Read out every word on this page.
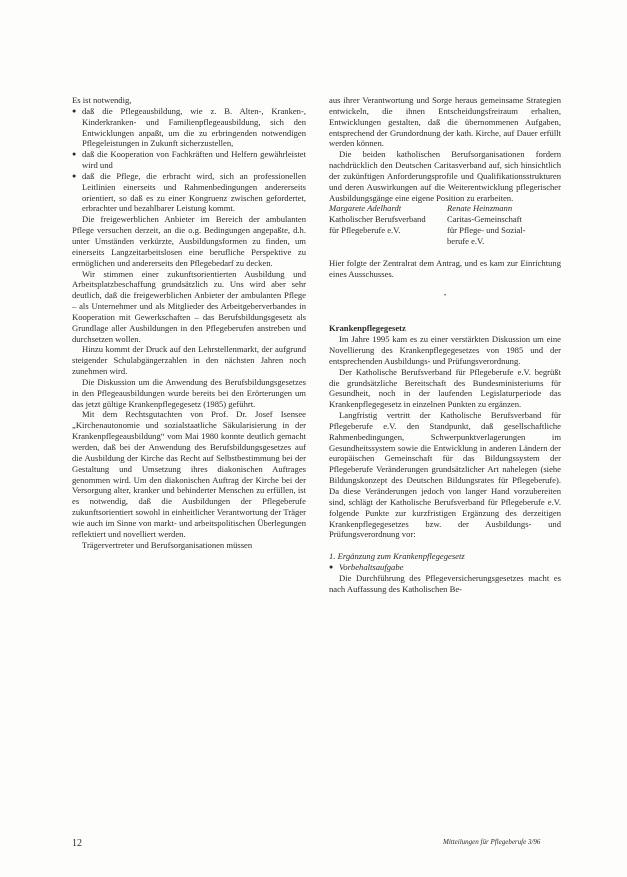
Es ist notwendig,

● daß die Pflegeausbildung, wie z. B. Alten-, Kranken-, Kinderkranken- und Familienpflegeausbildung, sich den Entwicklungen anpaßt, um die zu erbringenden notwendigen Pflegeleistungen in Zukunft sicherzustellen,

● daß die Kooperation von Fachkräften und Helfern gewährleistet wird und

● daß die Pflege, die erbracht wird, sich an professionellen Leitlinien einerseits und Rahmenbedingungen andererseits orientiert, so daß es zu einer Kongruenz zwischen gefordertet, erbrachter und bezahlbarer Leistung kommt.

Die freigewerblichen Anbieter im Bereich der ambulanten Pflege versuchen derzeit, an die o.g. Bedingungen angepaßte, d.h. unter Umständen verkürzte, Ausbildungsformen zu finden, um einerseits Langzeitarbeitslosen eine berufliche Perspektive zu ermöglichen und andererseits den Pflegebedarf zu decken.

Wir stimmen einer zukunftsorientierten Ausbildung und Arbeitsplatzbeschaffung grundsätzlich zu. Uns wird aber sehr deutlich, daß die freigewerblichen Anbieter der ambulanten Pflege – als Unternehmer und als Mitglieder des Arbeitgeberverbandes in Kooperation mit Gewerkschaften – das Berufsbildungsgesetz als Grundlage aller Ausbildungen in den Pflegeberufen anstreben und durchsetzen wollen.

Hinzu kommt der Druck auf den Lehrstellenmarkt, der aufgrund steigender Schulabgängerzahlen in den nächsten Jahren noch zunehmen wird.

Die Diskussion um die Anwendung des Berufsbildungsgesetzes in den Pflegeausbildungen wurde bereits bei den Erörterungen um das jetzt gültige Krankenpflegegesetz (1985) geführt.

Mit dem Rechtsgutachten von Prof. Dr. Josef Isensee „Kirchenautonomie und sozialstaatliche Säkularisierung in der Krankenpflegeausbildung“ vom Mai 1980 konnte deutlich gemacht werden, daß bei der Anwendung des Berufsbildungsgesetzes auf die Ausbildung der Kirche das Recht auf Selbstbestimmung bei der Gestaltung und Umsetzung ihres diakonischen Auftrages genommen wird. Um den diakonischen Auftrag der Kirche bei der Versorgung alter, kranker und behinderter Menschen zu erfüllen, ist es notwendig, daß die Ausbildungen der Pflegeberufe zukunftsorientiert sowohl in einheitlicher Verantwortung der Träger wie auch im Sinne von markt- und arbeitspolitischen Überlegungen reflektiert und novelliert werden.

Trägervertreter und Berufsorganisationen müssen

aus ihrer Verantwortung und Sorge heraus gemeinsame Strategien entwickeln, die ihnen Entscheidungsfreiraum erhalten, Entwicklungen gestalten, daß die übernommenen Aufgaben, entsprechend der Grundordnung der kath. Kirche, auf Dauer erfüllt werden können.

Die beiden katholischen Berufsorganisationen fordern nachdrücklich den Deutschen Caritasverband auf, sich hinsichtlich der zukünftigen Anforderungsprofile und Qualifikationsstrukturen und deren Auswirkungen auf die Weiterentwicklung pflegerischer Ausbildungsgänge eine eigene Position zu erarbeiten.

Margarete Adelhardt	Renate Heinzmann

Katholischer Berufsverband	Caritas-Gemeinschaft

für Pflegeberufe e.V.	für Pflege- und Sozial-

berufe e.V.

Hier folgte der Zentralrat dem Antrag, und es kam zur Einrichtung eines Ausschusses.

•

Krankenpflegegesetz

Im Jahre 1995 kam es zu einer verstärkten Diskussion um eine Novellierung des Krankenpflegegesetzes von 1985 und der entsprechenden Ausbildungs- und Prüfungsverordnung.

Der Katholische Berufsverband für Pflegeberufe e.V. begrüßt die grundsätzliche Bereitschaft des Bundesministeriums für Gesundheit, noch in der laufenden Legislaturperiode das Krankenpflegegesetz in einzelnen Punkten zu ergänzen.

Langfristig vertritt der Katholische Berufsverband für Pflegeberufe e.V. den Standpunkt, daß gesellschaftliche Rahmenbedingungen, Schwerpunktverlagerungen im Gesundheitssystem sowie die Entwicklung in anderen Ländern der europäischen Gemeinschaft für das Bildungssystem der Pflegeberufe Veränderungen grundsätzlicher Art nahelegen (siehe Bildungskonzept des Deutschen Bildungsrates für Pflegeberufe). Da diese Veränderungen jedoch von langer Hand vorzubereiten sind, schlägt der Katholische Berufsverband für Pflegeberufe e.V. folgende Punkte zur kurzfristigen Ergänzung des derzeitigen Krankenpflegegesetzes bzw. der Ausbildungs- und Prüfungsverordnung vor:

1. Ergänzung zum Krankenpflegegesetz

● Vorbehaltsaufgabe

Die Durchführung des Pflegeversicherungsgesetzes macht es nach Auffassung des Katholischen Be-

12	Mitteilungen für Pflegeberufe 3/96
